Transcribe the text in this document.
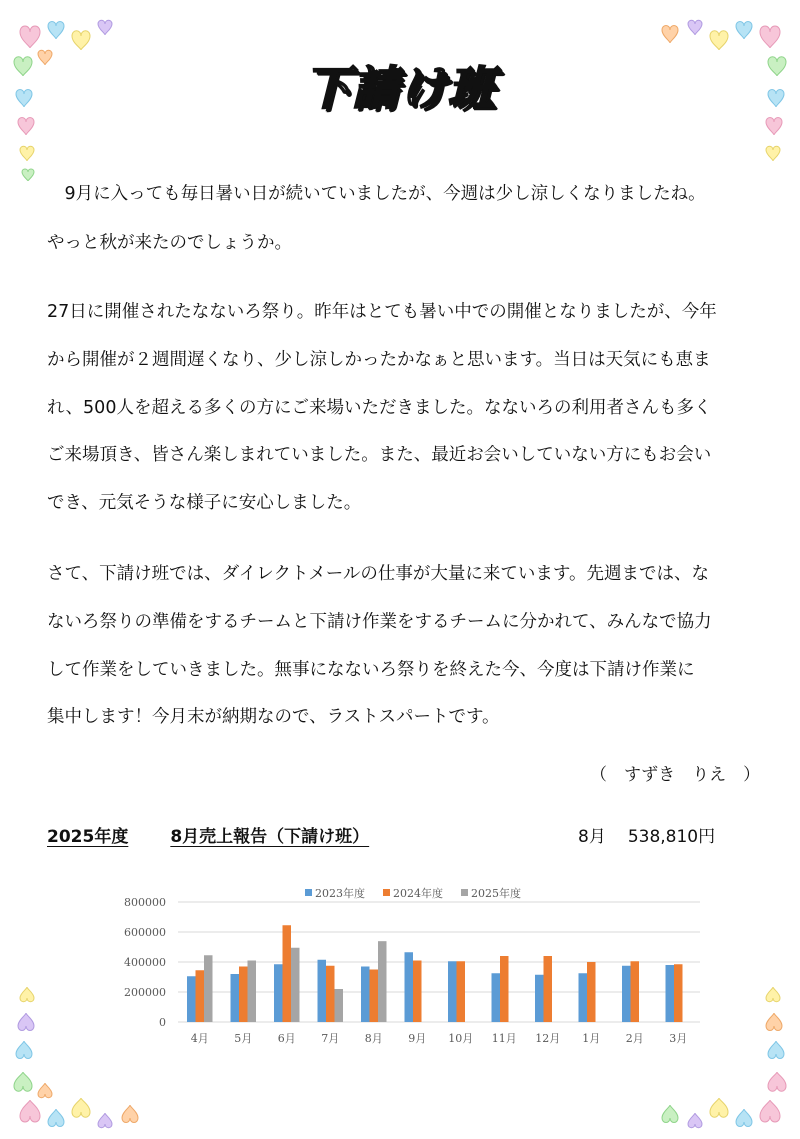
下請け班
　9月に入っても毎日暑い日が続いていましたが、今週は少し涼しくなりましたね。
やっと秋が来たのでしょうか。
27日に開催されたなないろ祭り。昨年はとても暑い中での開催となりましたが、今年
から開催が２週間遅くなり、少し涼しかったかなぁと思います。当日は天気にも恵ま
れ、500人を超える多くの方にご来場いただきました。なないろの利用者さんも多く
ご来場頂き、皆さん楽しまれていました。また、最近お会いしていない方にもお会い
でき、元気そうな様子に安心しました。
さて、下請け班では、ダイレクトメールの仕事が大量に来ています。先週までは、な
ないろ祭りの準備をするチームと下請け作業をするチームに分かれて、みんなで協力
して作業をしていきました。無事になないろ祭りを終えた今、今度は下請け作業に
集中します！今月末が納期なので、ラストスパートです。
（　すずき　りえ　）
2025年度 8月売上報告（下請け班）	8月 538,810円
0
200000
400000
600000
800000
4月 5月 6月 7月 8月 9月 10月 11月 12月 1月 2月 3月
2023年度	2024年度	2025年度
